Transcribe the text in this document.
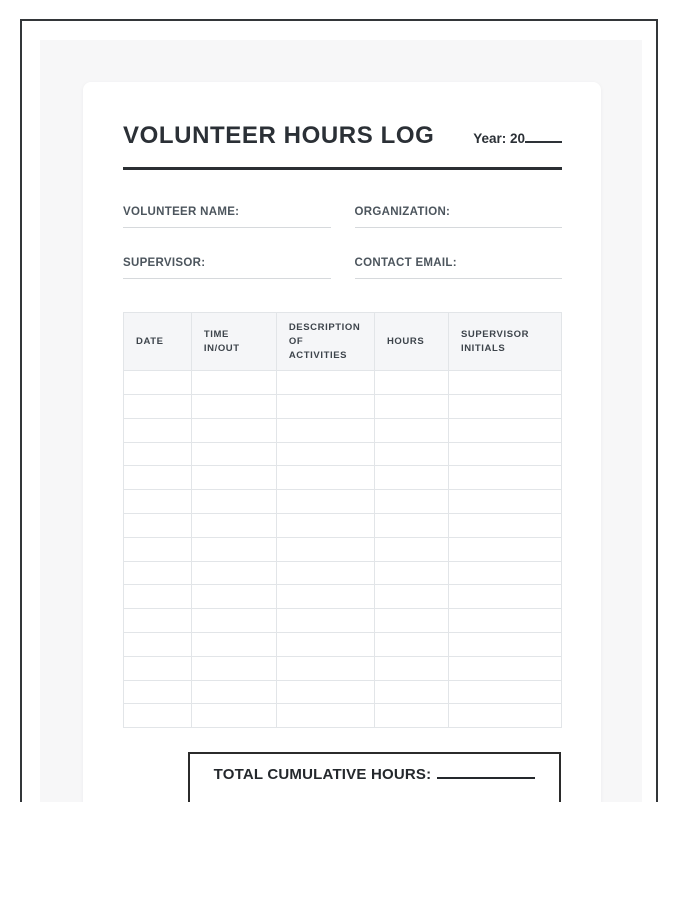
VOLUNTEER HOURS LOG	Year: 20
VOLUNTEER NAME:	ORGANIZATION:
SUPERVISOR:	CONTACT EMAIL:
DATE	TIME IN/OUT	DESCRIPTION OF ACTIVITIES	HOURS	SUPERVISOR INITIALS

TOTAL CUMULATIVE HOURS:
